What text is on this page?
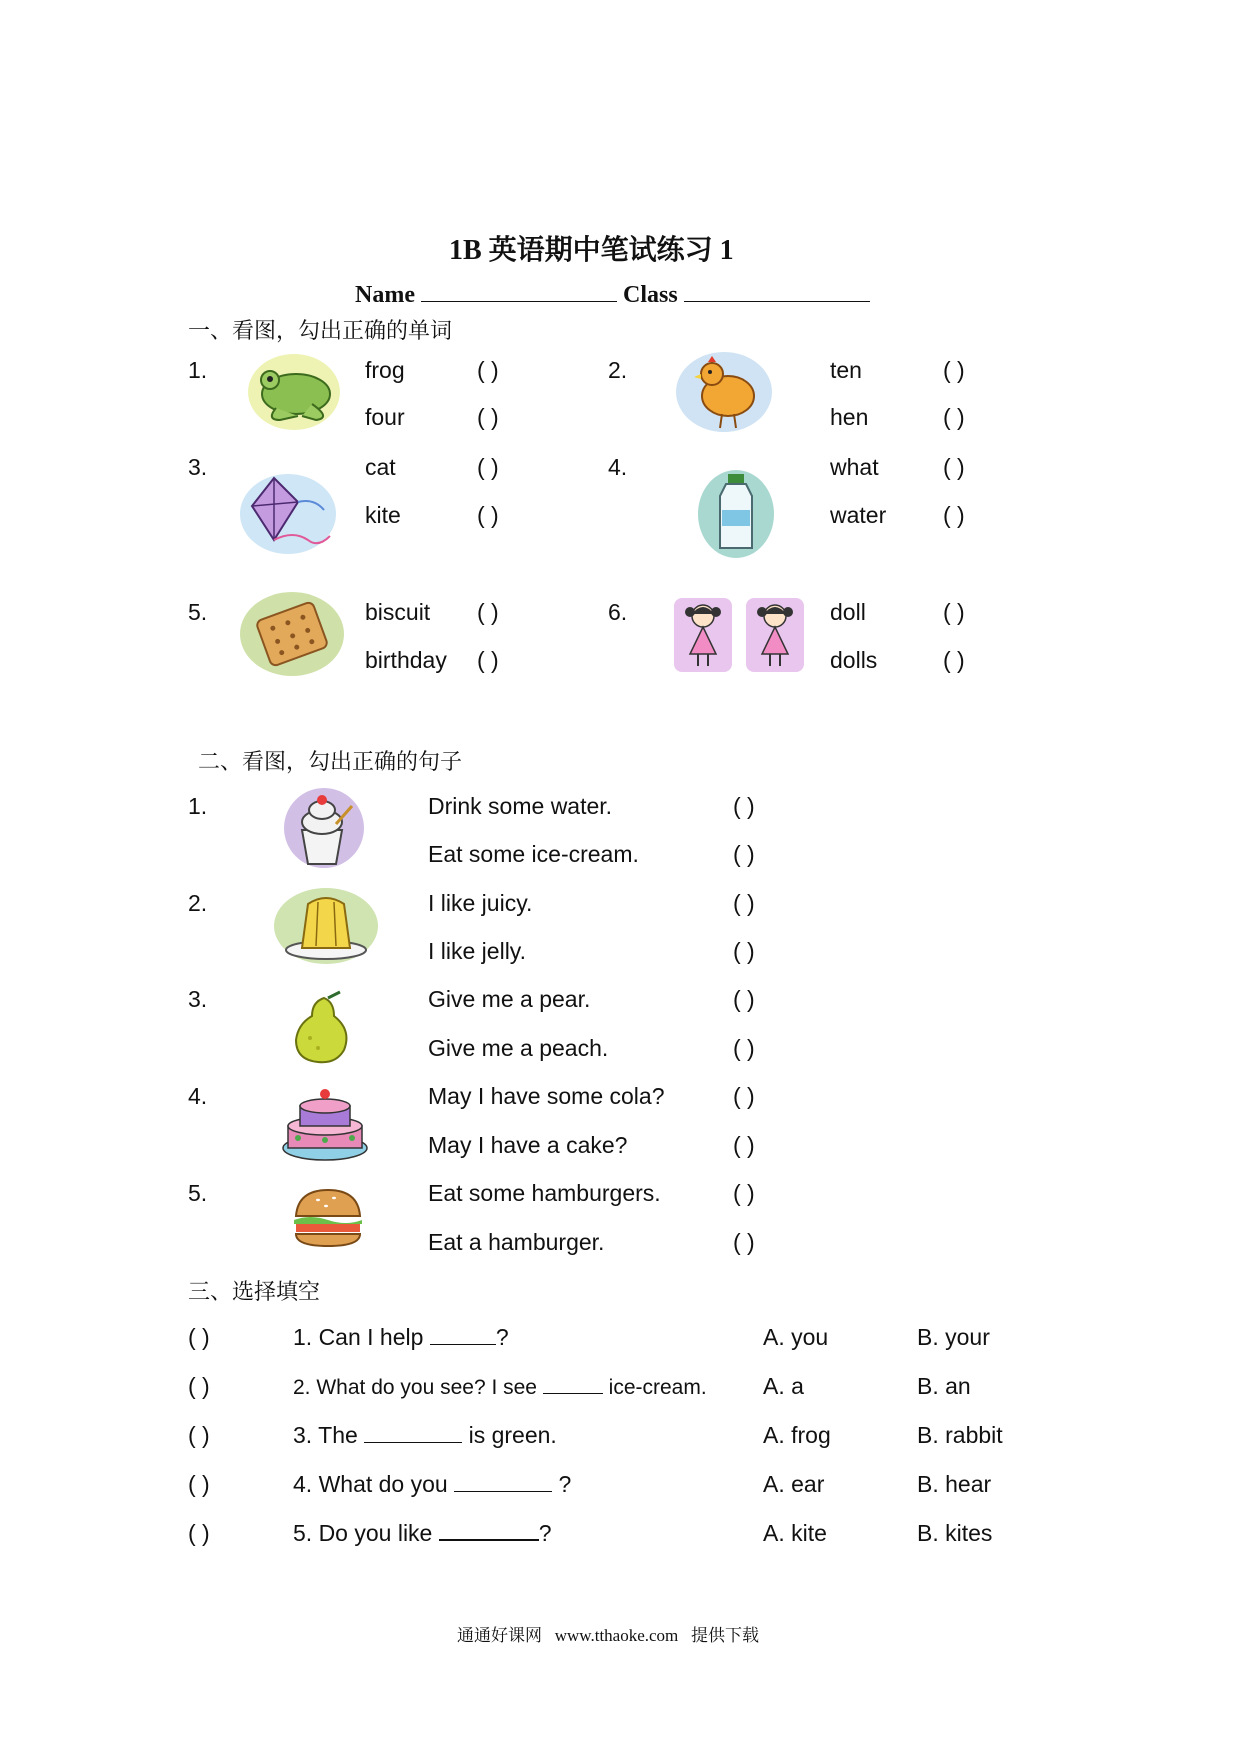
1B 英语期中笔试练习 1
Name	Class
一、看图，勾出正确的单词
1.	frog	( )
four	( )
2.	ten	( )
hen	( )
3.	cat	( )
kite	( )
4.	what	( )
water ( )
5.	biscuit ( )
birthday ( )
6.	doll	( )
dolls	( )
二、看图，勾出正确的句子
1.	Drink some water.	( )
Eat some ice-cream.	( )
2.	I like juicy.	( )
I like jelly.	( )
3.	Give me a pear.	( )
Give me a peach.	( )
4.	May I have some cola?	( )
May I have a cake?	( )
5.	Eat some hamburgers.	( )
Eat a hamburger.	( )
三、选择填空
( )	1. Can I help	?	A. you	B. your
( )	2. What do you see? I see	ice-cream. A. a	B. an
( )	3. The	is green.	A. frog	B. rabbit
( )	4. What do you	?	A. ear	B. hear
( )	5. Do you like	?	A. kite	B. kites
通通好课网   www.tthaoke.com   提供下载
